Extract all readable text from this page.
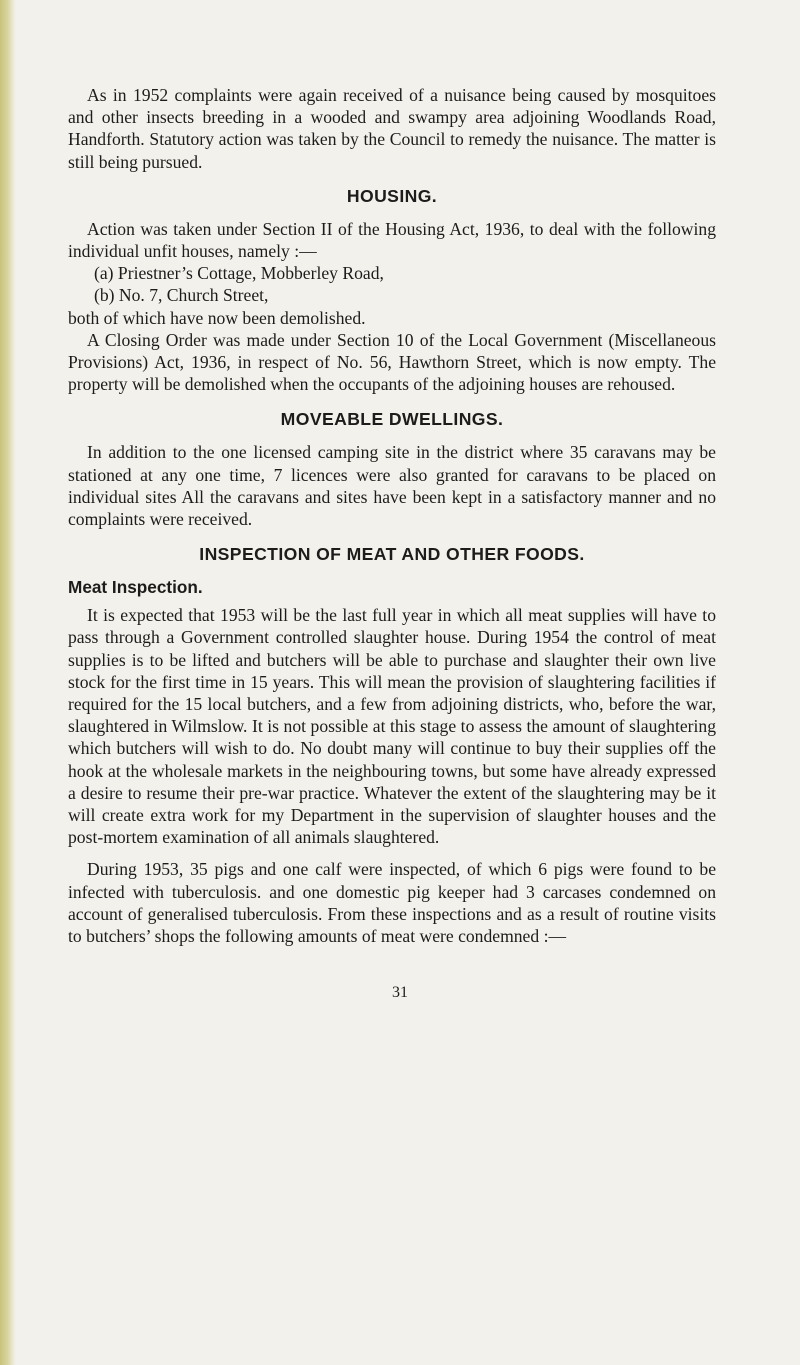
As in 1952 complaints were again received of a nuisance being caused by mosquitoes and other insects breeding in a wooded and swampy area adjoining Woodlands Road, Handforth. Statutory action was taken by the Council to remedy the nuisance. The matter is still being pursued.

HOUSING.

Action was taken under Section II of the Housing Act, 1936, to deal with the following individual unfit houses, namely :—

(a) Priestner’s Cottage, Mobberley Road,
(b) No. 7, Church Street,

both of which have now been demolished.

A Closing Order was made under Section 10 of the Local Government (Miscellaneous Provisions) Act, 1936, in respect of No. 56, Hawthorn Street, which is now empty. The property will be demolished when the occupants of the adjoining houses are rehoused.

MOVEABLE DWELLINGS.

In addition to the one licensed camping site in the district where 35 caravans may be stationed at any one time, 7 licences were also granted for caravans to be placed on individual sites All the caravans and sites have been kept in a satisfactory manner and no complaints were received.

INSPECTION OF MEAT AND OTHER FOODS.
Meat Inspection.

It is expected that 1953 will be the last full year in which all meat supplies will have to pass through a Government controlled slaughter house. During 1954 the control of meat supplies is to be lifted and butchers will be able to purchase and slaughter their own live stock for the first time in 15 years. This will mean the provision of slaughtering facilities if required for the 15 local butchers, and a few from adjoining districts, who, before the war, slaughtered in Wilmslow. It is not possible at this stage to assess the amount of slaughtering which butchers will wish to do. No doubt many will continue to buy their supplies off the hook at the wholesale markets in the neighbouring towns, but some have already expressed a desire to resume their pre-war practice. Whatever the extent of the slaughtering may be it will create extra work for my Department in the supervision of slaughter houses and the post-mortem examination of all animals slaughtered.

During 1953, 35 pigs and one calf were inspected, of which 6 pigs were found to be infected with tuberculosis. and one domestic pig keeper had 3 carcases condemned on account of generalised tuberculosis. From these inspections and as a result of routine visits to butchers’ shops the following amounts of meat were condemned :—

31
